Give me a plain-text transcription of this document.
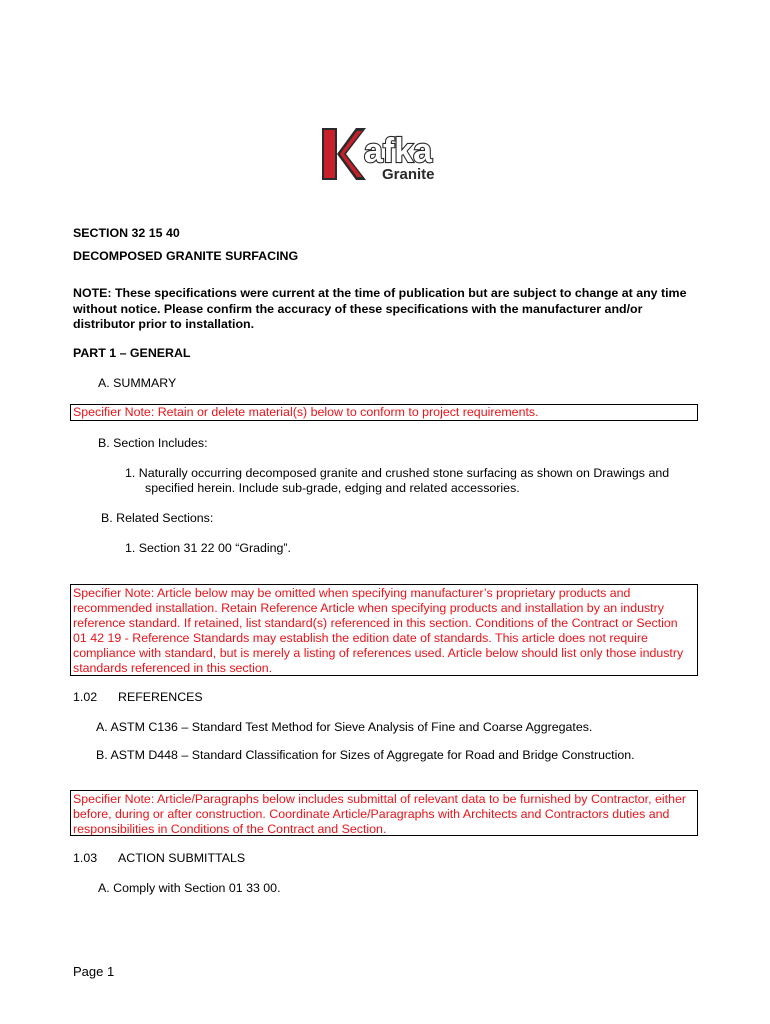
afka
Granite
SECTION 32 15 40
DECOMPOSED GRANITE SURFACING
NOTE: These specifications were current at the time of publication but are subject to change at any time
without notice. Please confirm the accuracy of these specifications with the manufacturer and/or
distributor prior to installation.
PART 1 – GENERAL
A. SUMMARY
Specifier Note: Retain or delete material(s) below to conform to project requirements.
B. Section Includes:
1. Naturally occurring decomposed granite and crushed stone surfacing as shown on Drawings and
specified herein. Include sub-grade, edging and related accessories.
B. Related Sections:
1. Section 31 22 00 “Grading”.
Specifier Note: Article below may be omitted when specifying manufacturer’s proprietary products and
recommended installation. Retain Reference Article when specifying products and installation by an industry
reference standard. If retained, list standard(s) referenced in this section. Conditions of the Contract or Section
01 42 19 - Reference Standards may establish the edition date of standards. This article does not require
compliance with standard, but is merely a listing of references used. Article below should list only those industry
standards referenced in this section.
1.02 REFERENCES
A. ASTM C136 – Standard Test Method for Sieve Analysis of Fine and Coarse Aggregates.
B. ASTM D448 – Standard Classification for Sizes of Aggregate for Road and Bridge Construction.
Specifier Note: Article/Paragraphs below includes submittal of relevant data to be furnished by Contractor, either
before, during or after construction. Coordinate Article/Paragraphs with Architects and Contractors duties and
responsibilities in Conditions of the Contract and Section.
1.03 ACTION SUBMITTALS
A. Comply with Section 01 33 00.
Page 1
